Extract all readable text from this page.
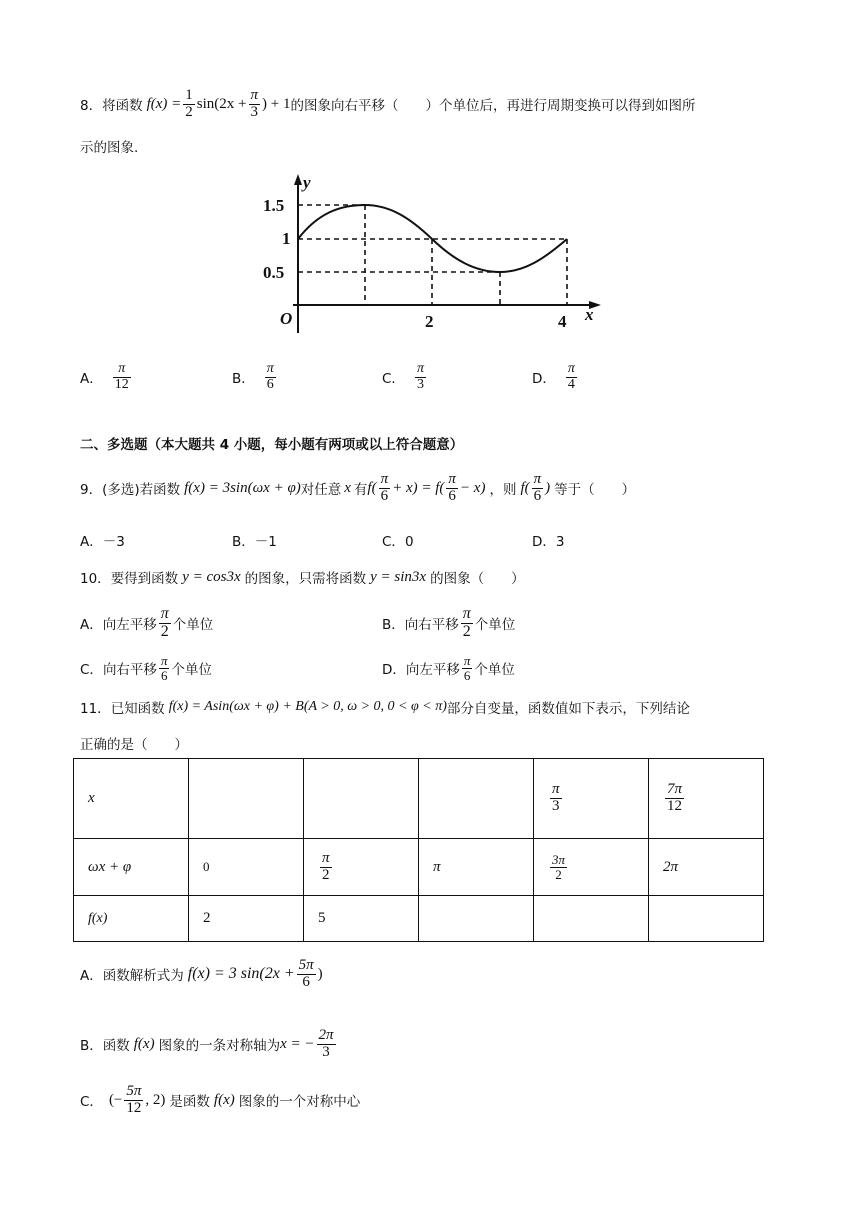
8． 将函数 $f(x) = \frac{1}{2} \sin(2x + \frac{\pi}{3}$ ) + 1 的图象向右平移（　　）个单位后，再进行周期变换可以得到如图所
示的图象.
y
x
O
1.5
1
0.5
2	4
A． $\frac{\pi}{12}$	B． $\frac{\pi}{6}$	C． $\frac{\pi}{3}$	D． $\frac{\pi}{4}$
二、多选题（本大题共 4 小题，每小题有两项或以上符合题意）
9． (多选)若函数 f(x) = 3sin(ωx + φ) 对任意 x 有 $f( \frac{\pi}{6} + x) = f( \frac{\pi}{6} - x)$ ，则 $f( \frac{\pi}{6}$ ) 等于（　　）
A．－3	B．－1	C．0	D．3
10． 要得到函数 y = cos3x 的图象，只需将函数 y = sin3x 的图象（　　）
A． 向左平移 $\frac{\pi}{2}$ 个单位	B． 向右平移 $\frac{\pi}{2}$ 个单位
C． 向右平移 $\frac{\pi}{6}$ 个单位	D． 向左平移 $\frac{\pi}{6}$ 个单位
11． 已知函数 f(x) = Asin(ωx + φ) + B(A > 0, ω > 0, 0 < φ < π) 部分自变量，函数值如下表示，下列结论
正确的是（　　）
x				$\frac{\pi}{3}$	$\frac{7\pi}{12}$

ωx + φ	0	$\frac{\pi}{2}$	π	$\frac{3\pi}{2}$	2π
f(x)	2	5			
A． 函数解析式为 f(x) = 3 $\sin(2x + \frac{5\pi}{6}$ )
B． 函数 f(x) 图象的一条对称轴为 x = − $\frac{2\pi}{3}$
C． (− $\frac{5\pi}{12}$ , 2) 是函数 f(x) 图象的一个对称中心
